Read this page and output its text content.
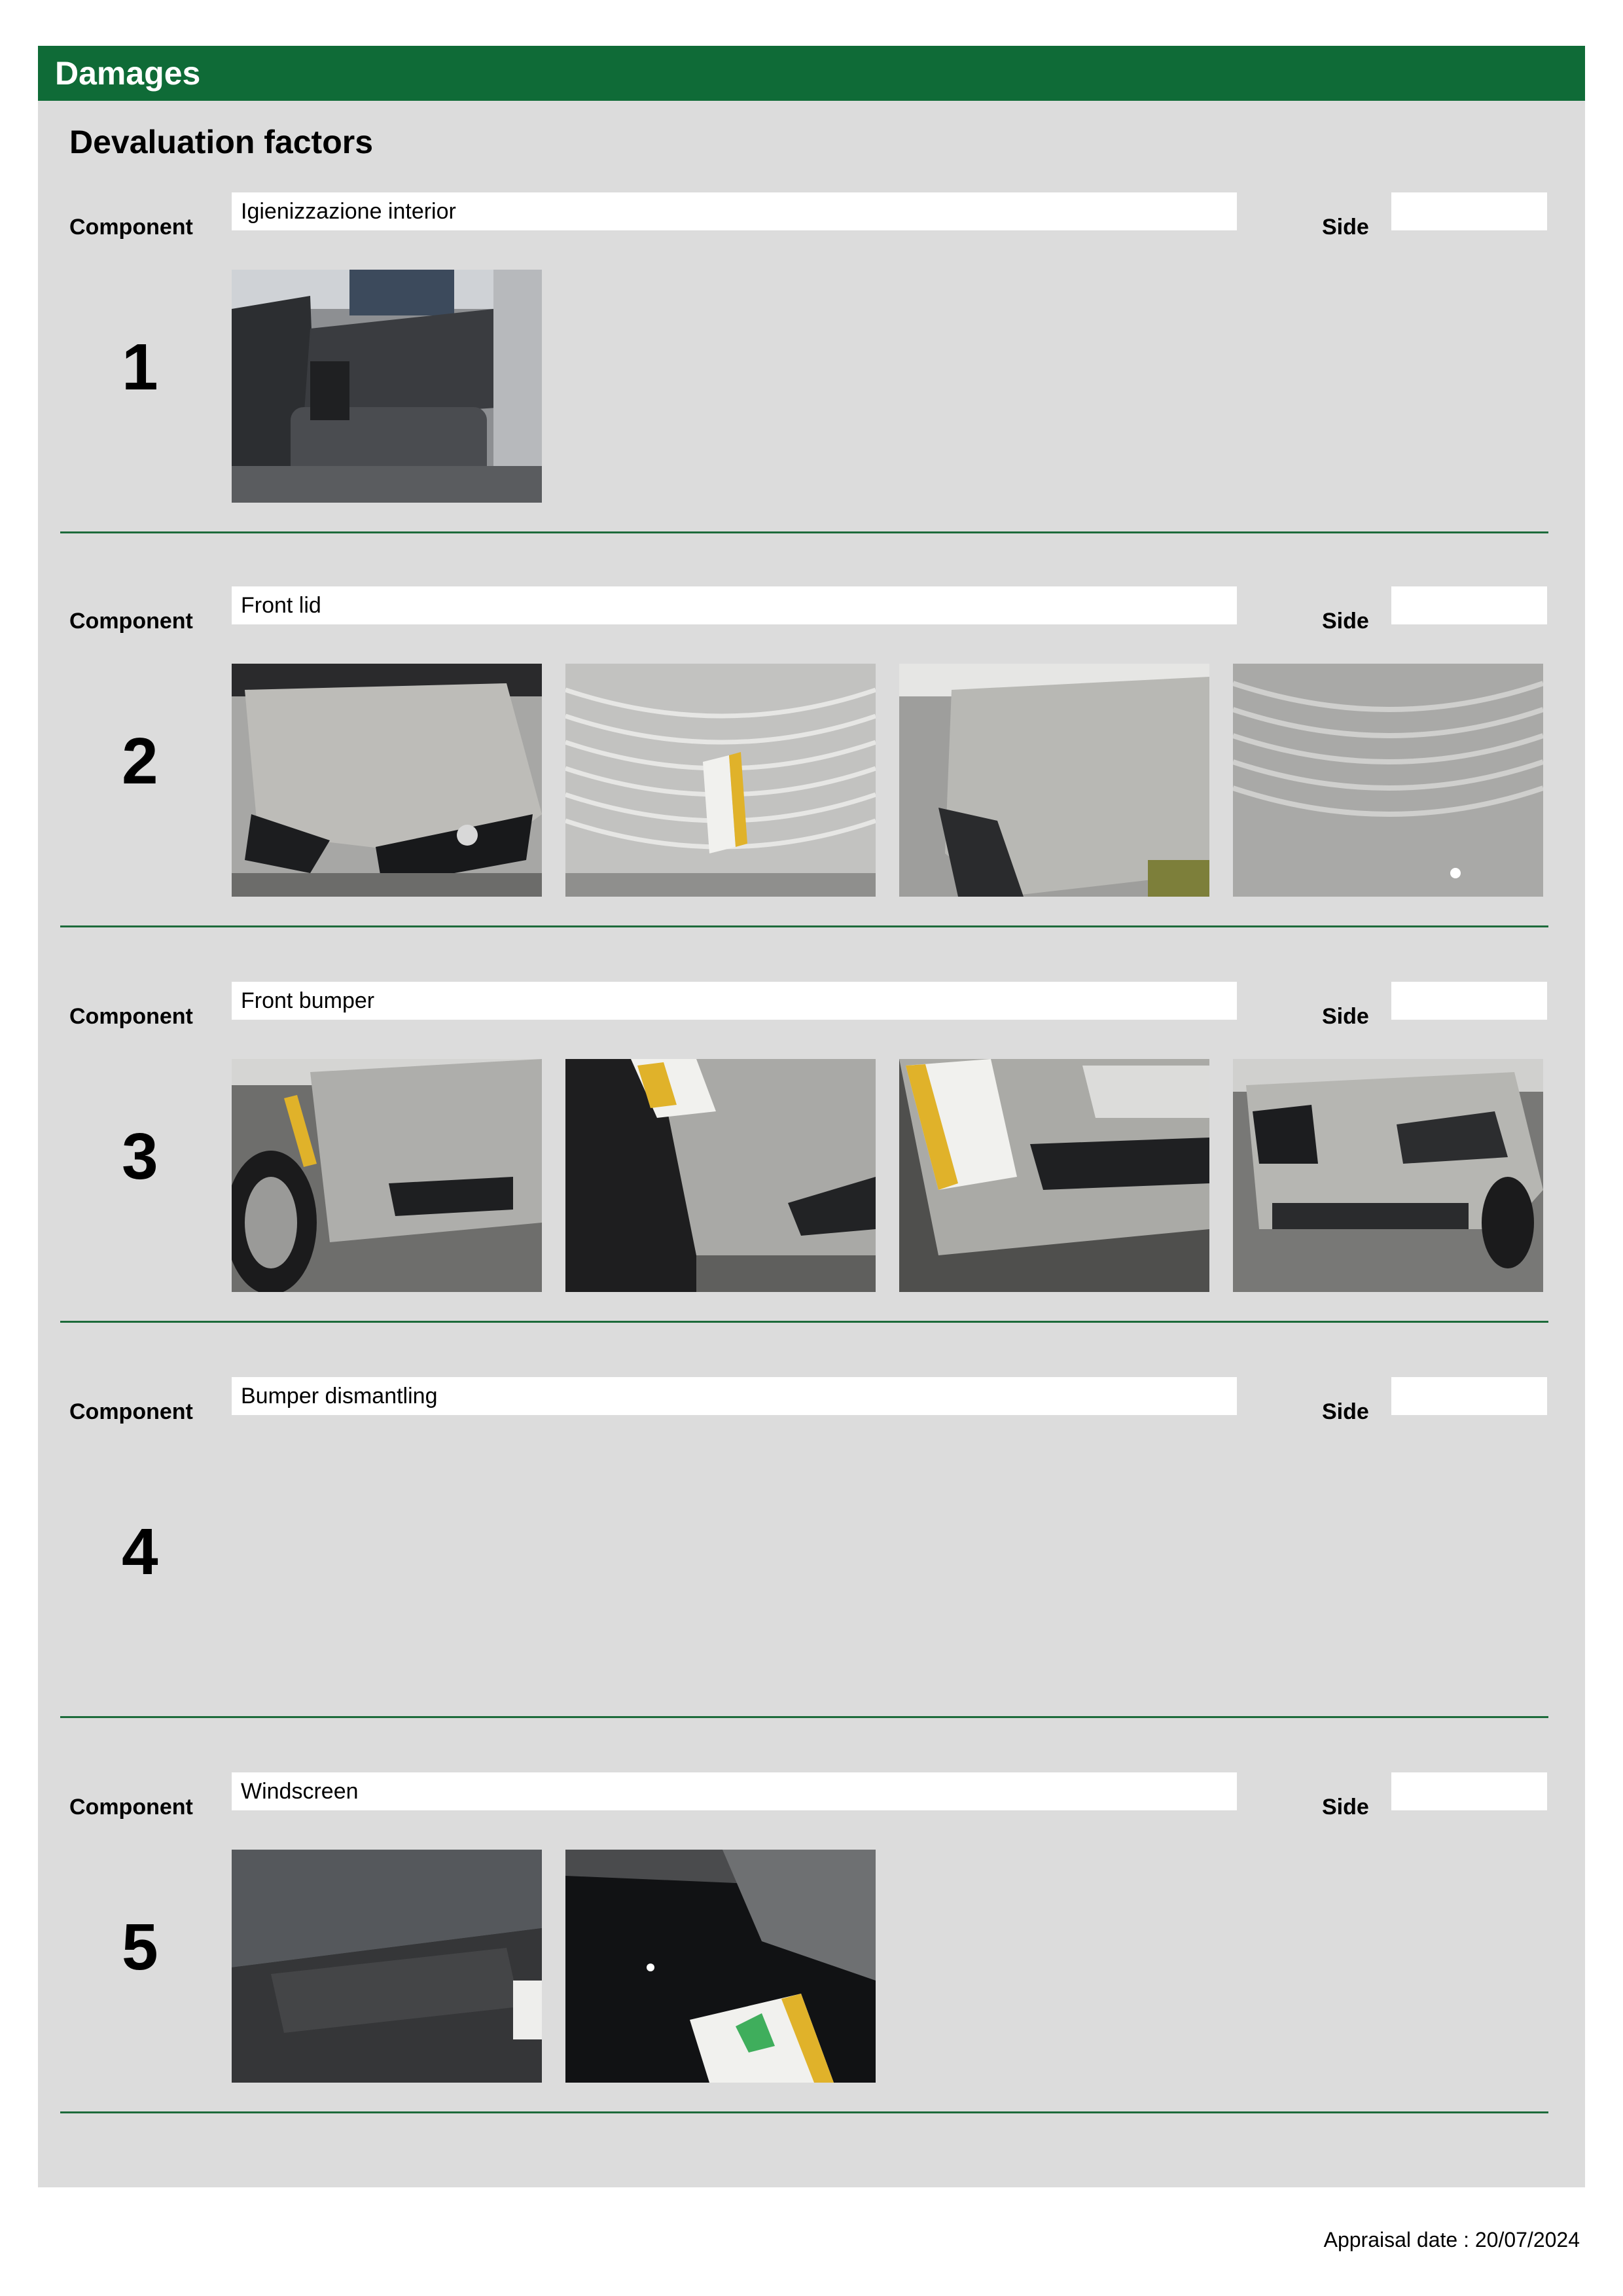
Damages
Devaluation factors
Component
Igienizzazione interior
Side
1
Component
Front lid
Side
2
Component
Front bumper
Side
3
Component
Bumper dismantling
Side
4
Component
Windscreen
Side
5
Appraisal date : 20/07/2024
